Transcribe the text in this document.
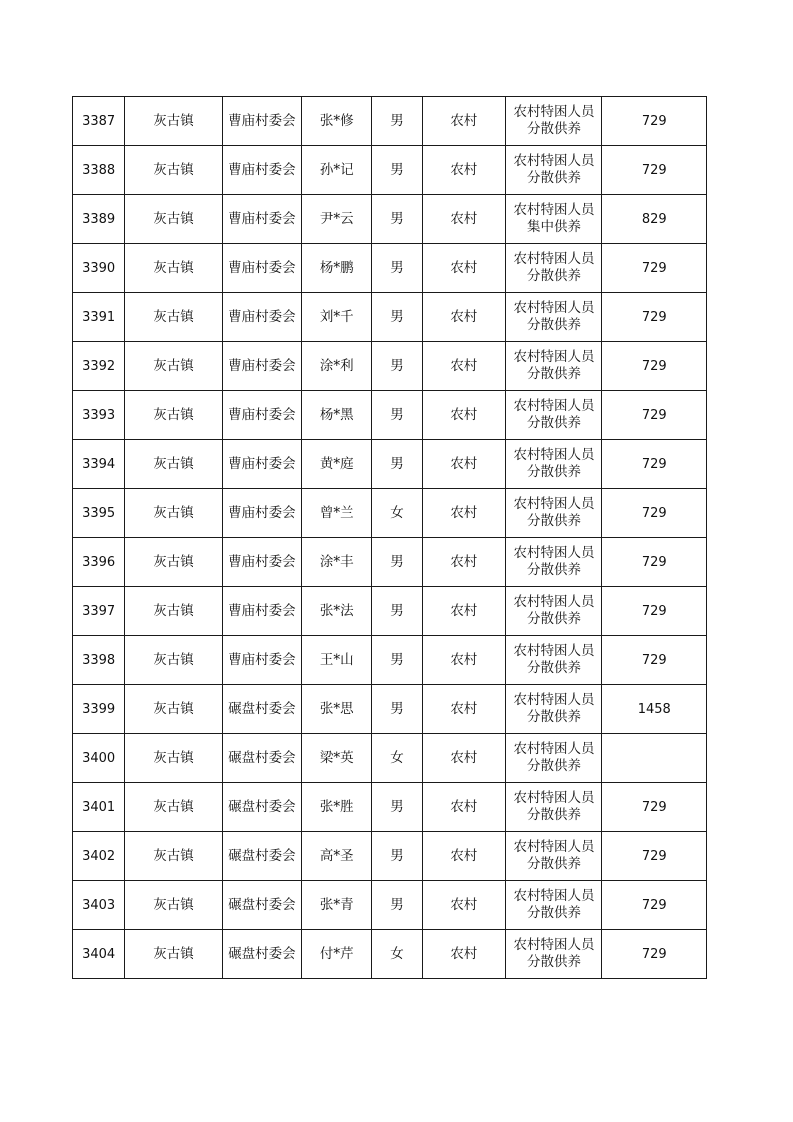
3387	灰古镇	曹庙村委会	张*修	男	农村	农村特困人员分散供养	729
3388	灰古镇	曹庙村委会	孙*记	男	农村	农村特困人员分散供养	729
3389	灰古镇	曹庙村委会	尹*云	男	农村	农村特困人员集中供养	829
3390	灰古镇	曹庙村委会	杨*鹏	男	农村	农村特困人员分散供养	729
3391	灰古镇	曹庙村委会	刘*千	男	农村	农村特困人员分散供养	729
3392	灰古镇	曹庙村委会	涂*利	男	农村	农村特困人员分散供养	729
3393	灰古镇	曹庙村委会	杨*黑	男	农村	农村特困人员分散供养	729
3394	灰古镇	曹庙村委会	黄*庭	男	农村	农村特困人员分散供养	729
3395	灰古镇	曹庙村委会	曾*兰	女	农村	农村特困人员分散供养	729
3396	灰古镇	曹庙村委会	涂*丰	男	农村	农村特困人员分散供养	729
3397	灰古镇	曹庙村委会	张*法	男	农村	农村特困人员分散供养	729
3398	灰古镇	曹庙村委会	王*山	男	农村	农村特困人员分散供养	729
3399	灰古镇	碾盘村委会	张*思	男	农村	农村特困人员分散供养	1458
3400	灰古镇	碾盘村委会	梁*英	女	农村	农村特困人员分散供养	
3401	灰古镇	碾盘村委会	张*胜	男	农村	农村特困人员分散供养	729
3402	灰古镇	碾盘村委会	高*圣	男	农村	农村特困人员分散供养	729
3403	灰古镇	碾盘村委会	张*青	男	农村	农村特困人员分散供养	729
3404	灰古镇	碾盘村委会	付*芹	女	农村	农村特困人员分散供养	729
